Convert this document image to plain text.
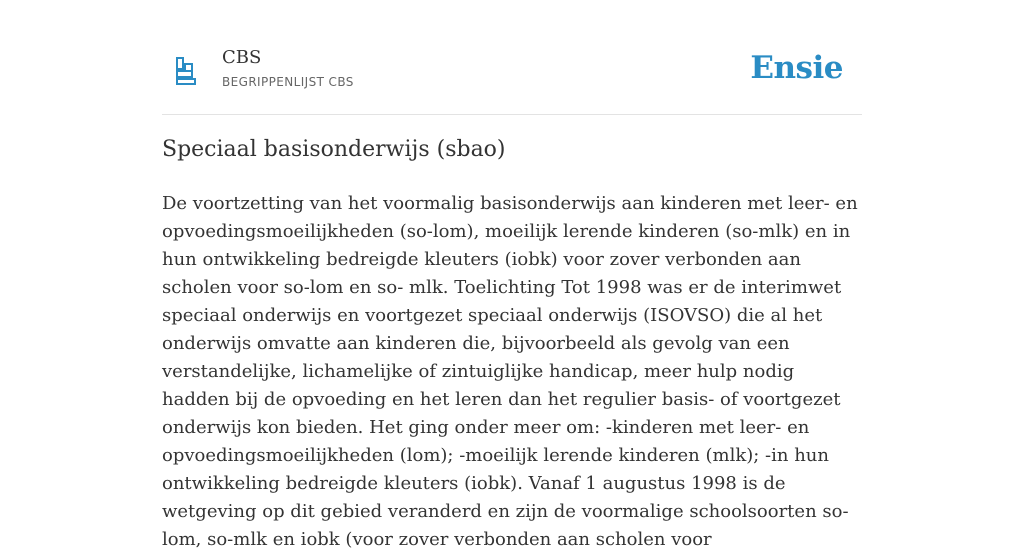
CBS
BEGRIPPENLIJST CBS	Ensie
Speciaal basisonderwijs (sbao)

De voortzetting van het voormalig basisonderwijs aan kinderen met leer- en opvoedingsmoeilijkheden (so-lom), moeilijk lerende kinderen (so-mlk) en in hun ontwikkeling bedreigde kleuters (iobk) voor zover verbonden aan scholen voor so-lom en so- mlk. Toelichting Tot 1998 was er de interimwet speciaal onderwijs en voortgezet speciaal onderwijs (ISOVSO) die al het onderwijs omvatte aan kinderen die, bijvoorbeeld als gevolg van een verstandelijke, lichamelijke of zintuiglijke handicap, meer hulp nodig hadden bij de opvoeding en het leren dan het regulier basis- of voortgezet onderwijs kon bieden. Het ging onder meer om: -kinderen met leer- en opvoedingsmoeilijkheden (lom); -moeilijk lerende kinderen (mlk); -in hun ontwikkeling bedreigde kleuters (iobk). Vanaf 1 augustus 1998 is de wetgeving op dit gebied veranderd en zijn de voormalige schoolsoorten so-lom, so-mlk en iobk (voor zover verbonden aan scholen voor
